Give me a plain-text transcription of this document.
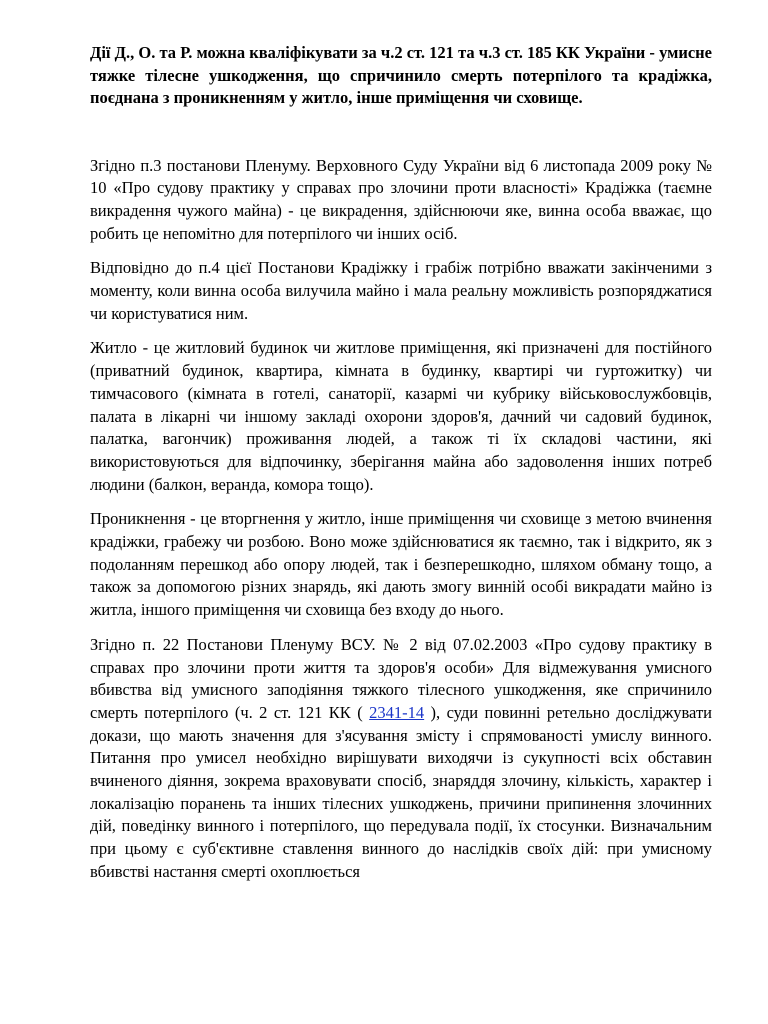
Дії Д., О. та Р. можна кваліфікувати за ч.2 ст. 121 та ч.3 ст. 185 КК України - умисне тяжке тілесне ушкодження, що спричинило смерть потерпілого та крадіжка, поєднана з проникненням у житло, інше приміщення чи сховище.

Згідно п.3 постанови Пленуму. Верховного Суду України від 6 листопада 2009 року № 10 «Про судову практику у справах про злочини проти власності» Крадіжка (таємне викрадення чужого майна) - це викрадення, здійснюючи яке, винна особа вважає, що робить це непомітно для потерпілого чи інших осіб.

Відповідно до п.4 цієї Постанови Крадіжку і грабіж потрібно вважати закінченими з моменту, коли винна особа вилучила майно і мала реальну можливість розпоряджатися чи користуватися ним.

Житло - це житловий будинок чи житлове приміщення, які призначені для постійного (приватний будинок, квартира, кімната в будинку, квартирі чи гуртожитку) чи тимчасового (кімната в готелі, санаторії, казармі чи кубрику військовослужбовців, палата в лікарні чи іншому закладі охорони здоров'я, дачний чи садовий будинок, палатка, вагончик) проживання людей, а також ті їх складові частини, які використовуються для відпочинку, зберігання майна або задоволення інших потреб людини (балкон, веранда, комора тощо).

Проникнення - це вторгнення у житло, інше приміщення чи сховище з метою вчинення крадіжки, грабежу чи розбою. Воно може здійснюватися як таємно, так і відкрито, як з подоланням перешкод або опору людей, так і безперешкодно, шляхом обману тощо, а також за допомогою різних знарядь, які дають змогу винній особі викрадати майно із житла, іншого приміщення чи сховища без входу до нього.

Згідно п. 22 Постанови Пленуму ВСУ. № 2 від 07.02.2003 «Про судову практику в справах про злочини проти життя та здоров'я особи» Для відмежування умисного вбивства від умисного заподіяння тяжкого тілесного ушкодження, яке спричинило смерть потерпілого (ч. 2 ст. 121 КК ( 2341-14 ), суди повинні ретельно досліджувати докази, що мають значення для з'ясування змісту і спрямованості умислу винного. Питання про умисел необхідно вирішувати виходячи із сукупності всіх обставин вчиненого діяння, зокрема враховувати спосіб, знаряддя злочину, кількість, характер і локалізацію поранень та інших тілесних ушкоджень, причини припинення злочинних дій, поведінку винного і потерпілого, що передувала події, їх стосунки. Визначальним при цьому є суб'єктивне ставлення винного до наслідків своїх дій: при умисному вбивстві настання смерті охоплюється
